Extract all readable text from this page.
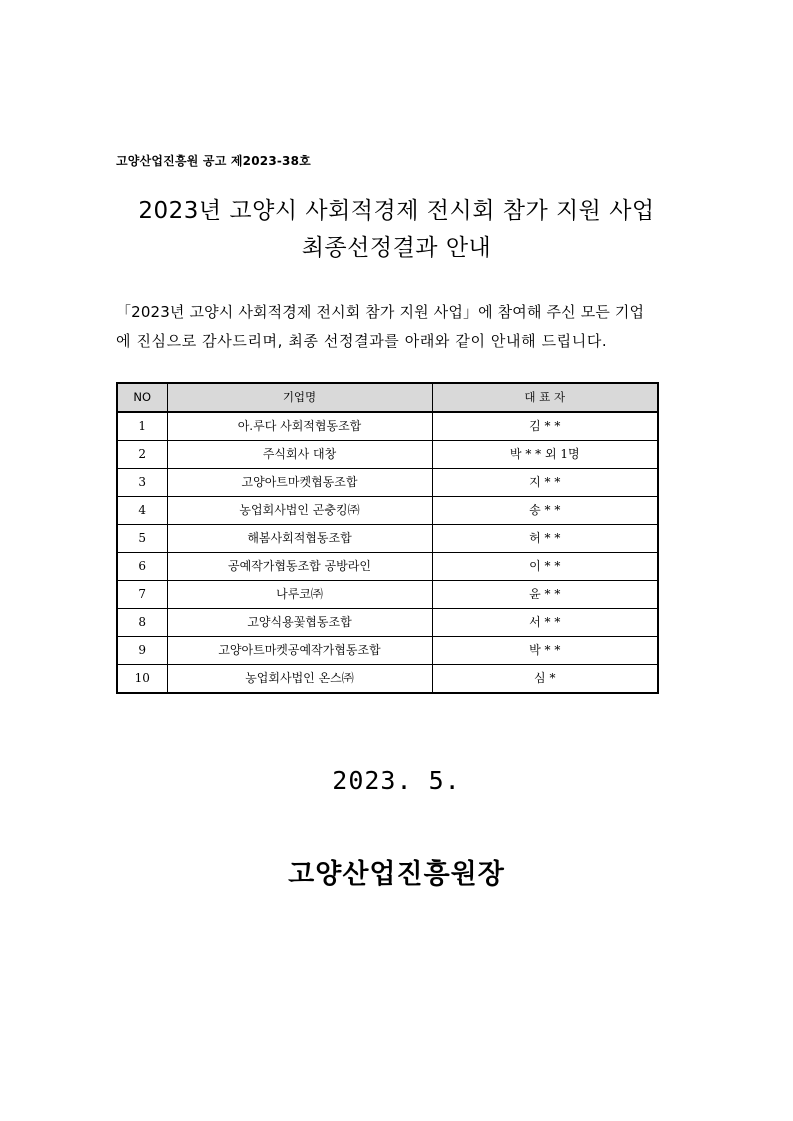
고양산업진흥원 공고 제2023-38호
2023년 고양시 사회적경제 전시회 참가 지원 사업
최종선정결과 안내
「2023년 고양시 사회적경제 전시회 참가 지원 사업」에 참여해 주신 모든 기업
에 진심으로 감사드리며, 최종 선정결과를 아래와 같이 안내해 드립니다.
NO	기업명	대 표 자
1	아.루다 사회적협동조합	김 * *
2	주식회사 대창	박 * * 외 1명
3	고양아트마켓협동조합	지 * *
4	농업회사법인 곤충킹㈜	송 * *
5	해봄사회적협동조합	허 * *
6	공예작가협동조합 공방라인	이 * *
7	나루코㈜	윤 * *
8	고양식용꽃협동조합	서 * *
9	고양아트마켓공예작가협동조합	박 * *
10	농업회사법인 온스㈜	심 *
2023. 5.
고양산업진흥원장
